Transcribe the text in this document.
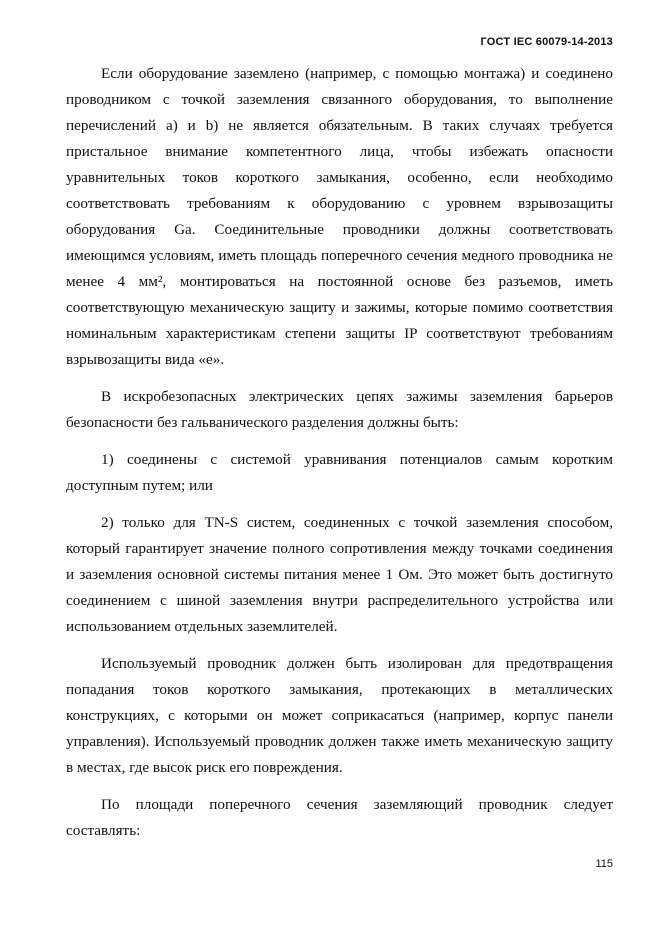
ГОСТ IEC 60079-14-2013

Если оборудование заземлено (например, с помощью монтажа) и соединено проводником с точкой заземления связанного оборудования, то выполнение перечислений a) и b) не является обязательным. В таких случаях требуется пристальное внимание компетентного лица, чтобы избежать опасности уравнительных токов короткого замыкания, особенно, если необходимо соответствовать требованиям к оборудованию с уровнем взрывозащиты оборудования Ga. Соединительные проводники должны соответствовать имеющимся условиям, иметь площадь поперечного сечения медного проводника не менее 4 мм², монтироваться на постоянной основе без разъемов, иметь соответствующую механическую защиту и зажимы, которые помимо соответствия номинальным характеристикам степени защиты IP соответствуют требованиям взрывозащиты вида «е».

В искробезопасных электрических цепях зажимы заземления барьеров безопасности без гальванического разделения должны быть:

1) соединены с системой уравнивания потенциалов самым коротким доступным путем; или

2) только для TN-S систем, соединенных с точкой заземления способом, который гарантирует значение полного сопротивления между точками соединения и заземления основной системы питания менее 1 Ом. Это может быть достигнуто соединением с шиной заземления внутри распределительного устройства или использованием отдельных заземлителей.

Используемый проводник должен быть изолирован для предотвращения попадания токов короткого замыкания, протекающих в металлических конструкциях, с которыми он может соприкасаться (например, корпус панели управления). Используемый проводник должен также иметь механическую защиту в местах, где высок риск его повреждения.

По площади поперечного сечения заземляющий проводник следует составлять:

115
